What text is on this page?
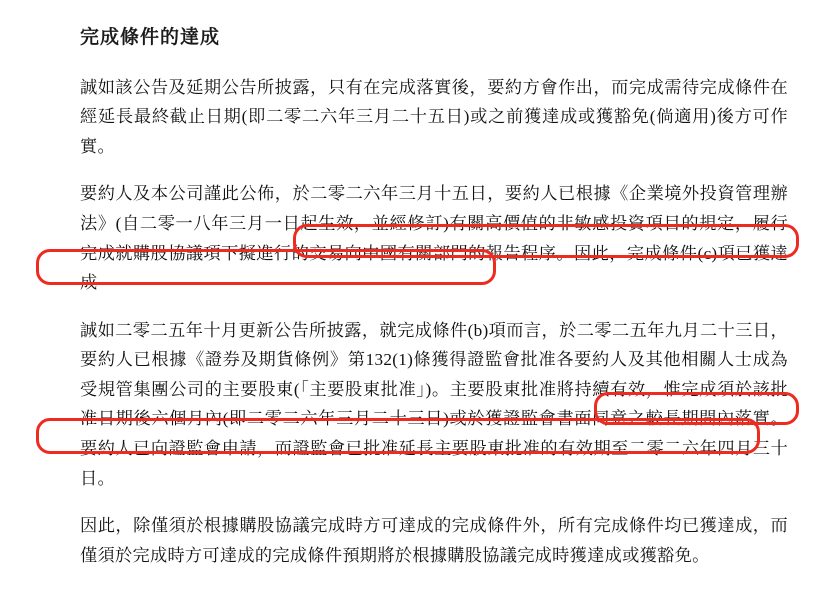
完成條件的達成

誠如該公告及延期公告所披露，只有在完成落實後，要約方會作出，而完成需待完成條件在經延長最終截止日期(即二零二六年三月二十五日)或之前獲達成或獲豁免(倘適用)後方可作實。

要約人及本公司謹此公佈，於二零二六年三月十五日，要約人已根據《企業境外投資管理辦法》(自二零一八年三月一日起生效，並經修訂)有關高價值的非敏感投資項目的規定，履行完成就購股協議項下擬進行的交易向中國有關部門的報告程序。因此，完成條件(c)項已獲達成

誠如二零二五年十月更新公告所披露，就完成條件(b)項而言，於二零二五年九月二十三日，要約人已根據《證券及期貨條例》第132(1)條獲得證監會批准各要約人及其他相關人士成為受規管集團公司的主要股東(「主要股東批准」)。主要股東批准將持續有效，惟完成須於該批准日期後六個月內(即二零二六年三月二十三日)或於獲證監會書面同意之較長期間內落實。要約人已向證監會申請，而證監會已批准延長主要股東批准的有效期至二零二六年四月三十日。

因此，除僅須於根據購股協議完成時方可達成的完成條件外，所有完成條件均已獲達成，而僅須於完成時方可達成的完成條件預期將於根據購股協議完成時獲達成或獲豁免。
